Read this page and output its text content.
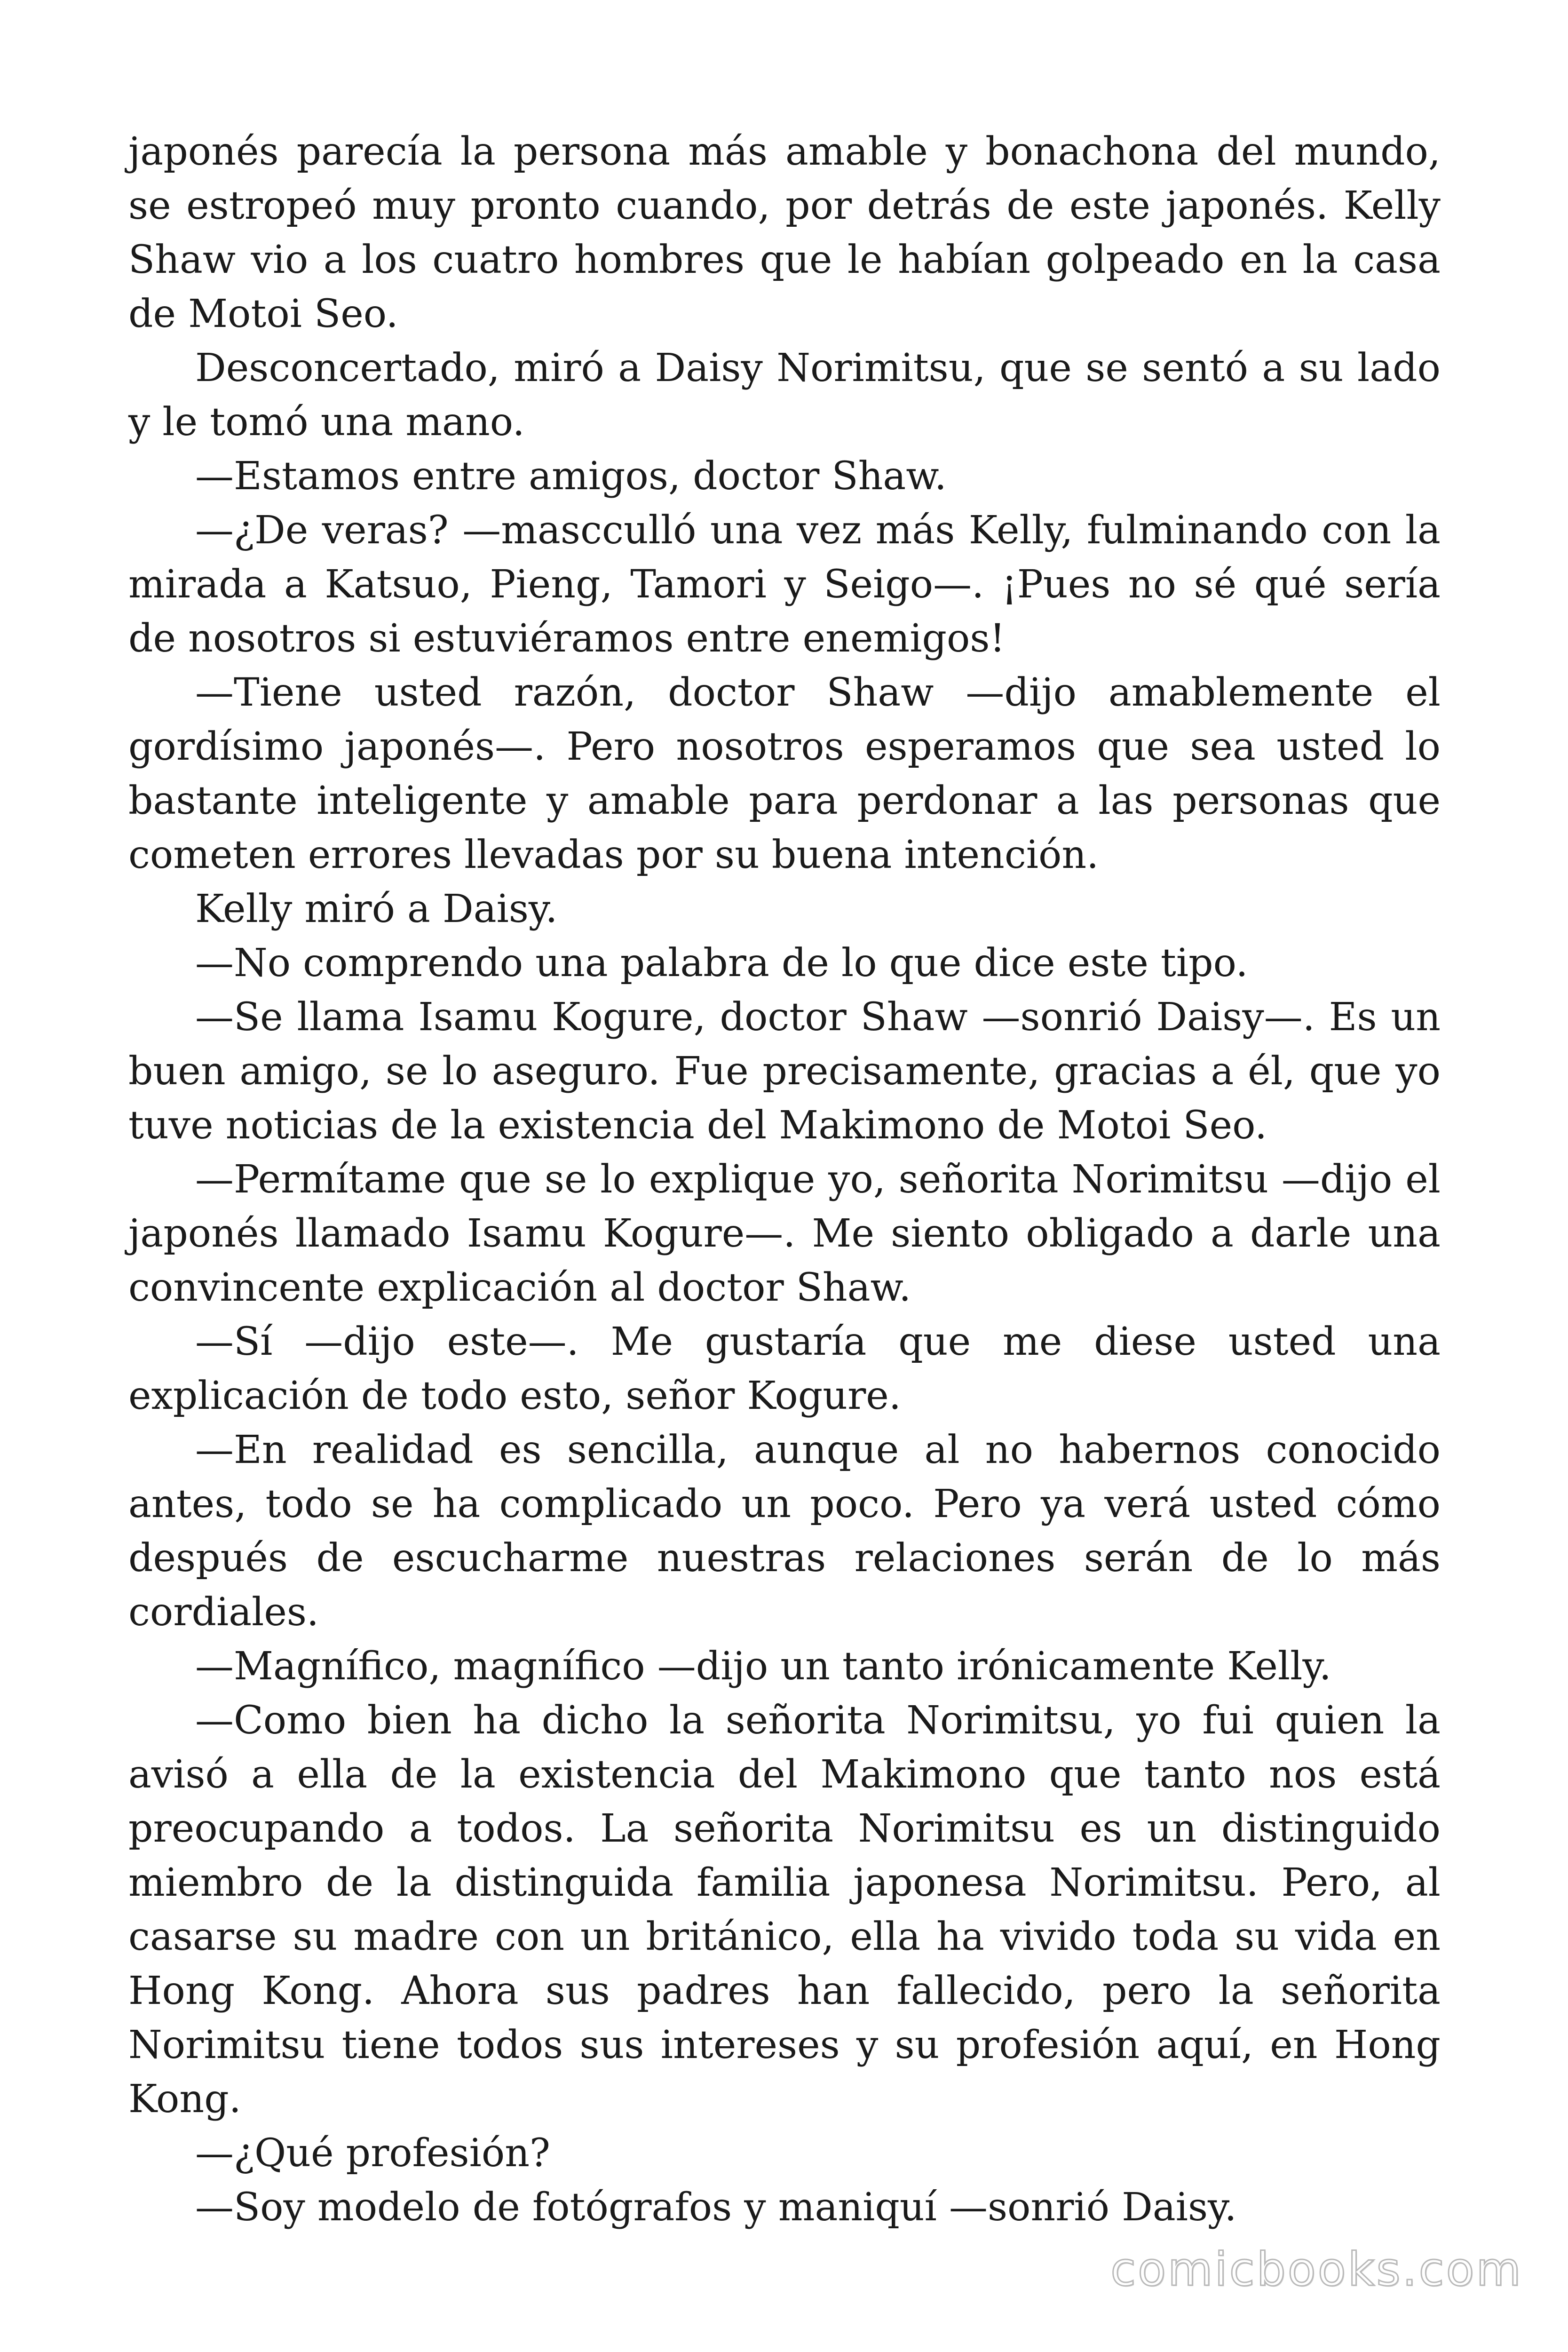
japonés parecía la persona más amable y bonachona del mundo, se estropeó muy pronto cuando, por detrás de este japonés. Kelly Shaw vio a los cuatro hombres que le habían golpeado en la casa de Motoi Seo.

Desconcertado, miró a Daisy Norimitsu, que se sentó a su lado y le tomó una mano.

—Estamos entre amigos, doctor Shaw.

—¿De veras? —mascculló una vez más Kelly, fulminando con la mirada a Katsuo, Pieng, Tamori y Seigo—. ¡Pues no sé qué sería de nosotros si estuviéramos entre enemigos!

—Tiene usted razón, doctor Shaw —dijo amablemente el gordísimo japonés—. Pero nosotros esperamos que sea usted lo bastante inteligente y amable para perdonar a las personas que cometen errores llevadas por su buena intención.

Kelly miró a Daisy.

—No comprendo una palabra de lo que dice este tipo.

—Se llama Isamu Kogure, doctor Shaw —sonrió Daisy—. Es un buen amigo, se lo aseguro. Fue precisamente, gracias a él, que yo tuve noticias de la existencia del Makimono de Motoi Seo.

—Permítame que se lo explique yo, señorita Norimitsu —dijo el japonés llamado Isamu Kogure—. Me siento obligado a darle una convincente explicación al doctor Shaw.

—Sí —dijo este—. Me gustaría que me diese usted una explicación de todo esto, señor Kogure.

—En realidad es sencilla, aunque al no habernos conocido antes, todo se ha complicado un poco. Pero ya verá usted cómo después de escucharme nuestras relaciones serán de lo más cordiales.

—Magnífico, magnífico —dijo un tanto irónicamente Kelly.

—Como bien ha dicho la señorita Norimitsu, yo fui quien la avisó a ella de la existencia del Makimono que tanto nos está preocupando a todos. La señorita Norimitsu es un distinguido miembro de la distinguida familia japonesa Norimitsu. Pero, al casarse su madre con un británico, ella ha vivido toda su vida en Hong Kong. Ahora sus padres han fallecido, pero la señorita Norimitsu tiene todos sus intereses y su profesión aquí, en Hong Kong.

—¿Qué profesión?

—Soy modelo de fotógrafos y maniquí —sonrió Daisy.

comicbooks.com
